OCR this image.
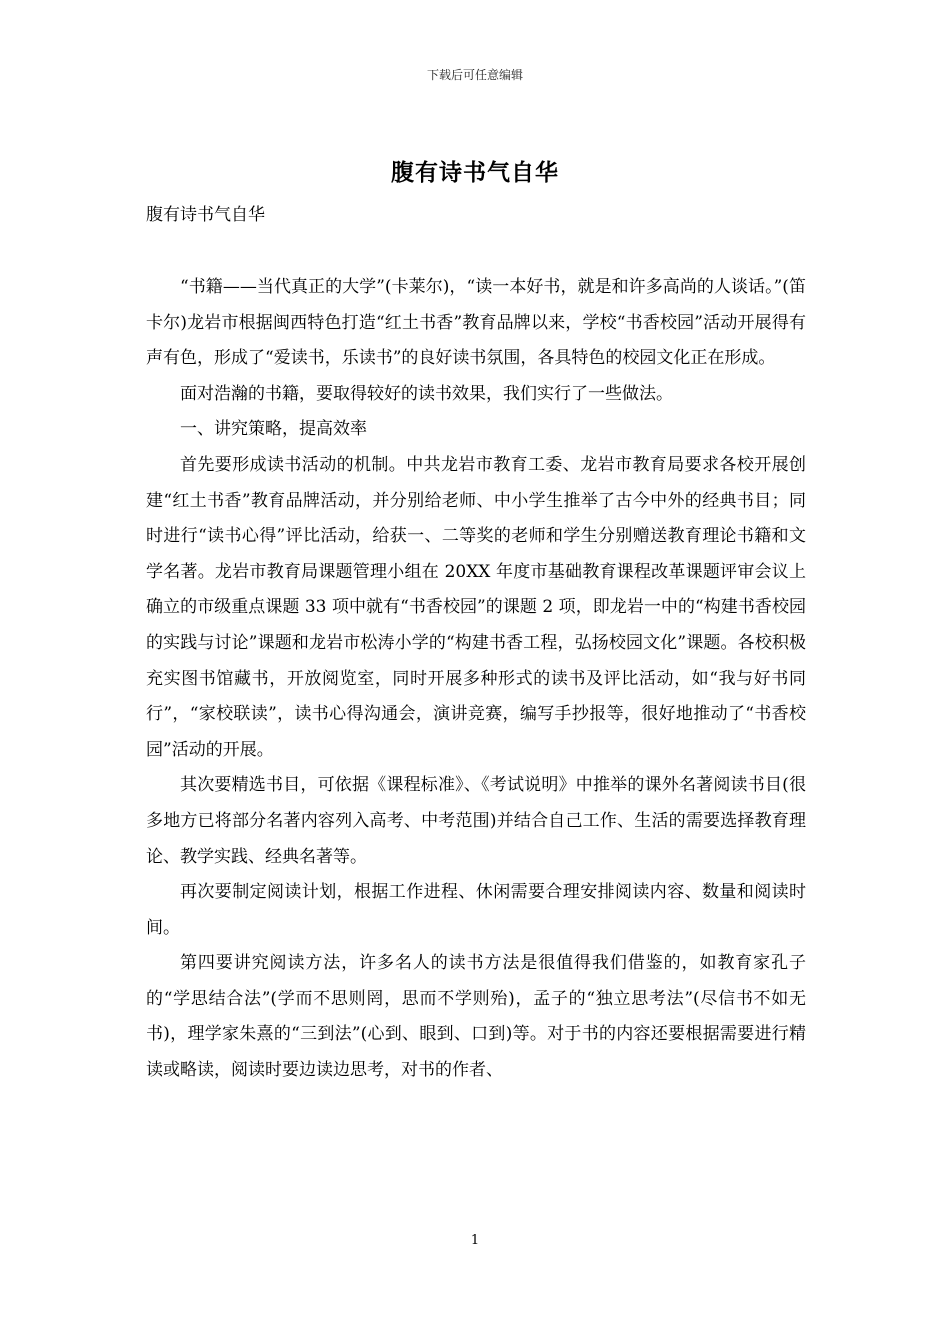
下载后可任意编辑
腹有诗书气自华
腹有诗书气自华

“书籍——当代真正的大学”(卡莱尔)，“读一本好书，就是和许多高尚的人谈话。”(笛卡尔)龙岩市根据闽西特色打造“红土书香”教育品牌以来，学校“书香校园”活动开展得有声有色，形成了“爱读书，乐读书”的良好读书氛围，各具特色的校园文化正在形成。

面对浩瀚的书籍，要取得较好的读书效果，我们实行了一些做法。

一、讲究策略，提高效率

首先要形成读书活动的机制。中共龙岩市教育工委、龙岩市教育局要求各校开展创建“红土书香”教育品牌活动，并分别给老师、中小学生推举了古今中外的经典书目；同时进行“读书心得”评比活动，给获一、二等奖的老师和学生分别赠送教育理论书籍和文学名著。龙岩市教育局课题管理小组在 20XX 年度市基础教育课程改革课题评审会议上确立的市级重点课题 33 项中就有“书香校园”的课题 2 项，即龙岩一中的“构建书香校园的实践与讨论”课题和龙岩市松涛小学的“构建书香工程，弘扬校园文化”课题。各校积极充实图书馆藏书，开放阅览室，同时开展多种形式的读书及评比活动，如“我与好书同行”，“家校联读”，读书心得沟通会，演讲竞赛，编写手抄报等，很好地推动了“书香校园”活动的开展。

其次要精选书目，可依据《课程标准》、《考试说明》中推举的课外名著阅读书目(很多地方已将部分名著内容列入高考、中考范围)并结合自己工作、生活的需要选择教育理论、教学实践、经典名著等。

再次要制定阅读计划，根据工作进程、休闲需要合理安排阅读内容、数量和阅读时间。

第四要讲究阅读方法，许多名人的读书方法是很值得我们借鉴的，如教育家孔子的“学思结合法”(学而不思则罔，思而不学则殆)，孟子的“独立思考法”(尽信书不如无书)，理学家朱熹的“三到法”(心到、眼到、口到)等。对于书的内容还要根据需要进行精读或略读，阅读时要边读边思考，对书的作者、

1
